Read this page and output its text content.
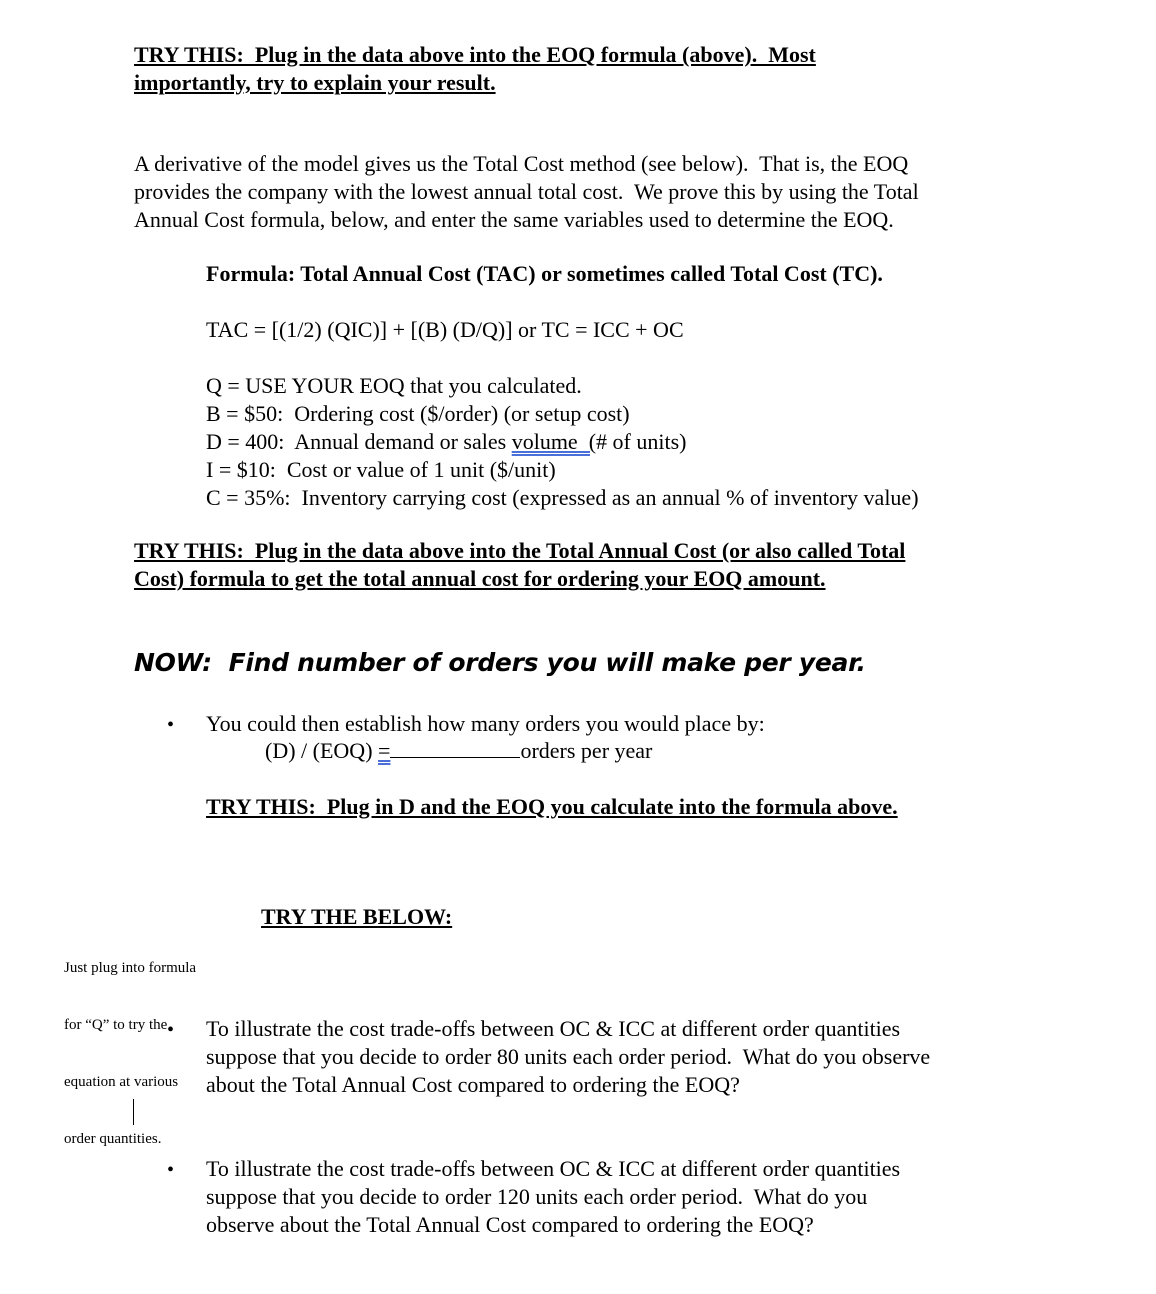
TRY THIS:  Plug in the data above into the EOQ formula (above).  Most

importantly, try to explain your result.

A derivative of the model gives us the Total Cost method (see below).  That is, the EOQ

provides the company with the lowest annual total cost.  We prove this by using the Total

Annual Cost formula, below, and enter the same variables used to determine the EOQ.

Formula: Total Annual Cost (TAC) or sometimes called Total Cost (TC).

TAC = [(1/2) (QIC)] + [(B) (D/Q)] or TC = ICC + OC

Q = USE YOUR EOQ that you calculated.

B = $50:  Ordering cost ($/order) (or setup cost)

D = 400:  Annual demand or sales volume  (# of units)

I = $10:  Cost or value of 1 unit ($/unit)

C = 35%:  Inventory carrying cost (expressed as an annual % of inventory value)

TRY THIS:  Plug in the data above into the Total Annual Cost (or also called Total

Cost) formula to get the total annual cost for ordering your EOQ amount.

NOW:  Find number of orders you will make per year.
• You could then establish how many orders you would place by:

(D) / (EOQ) =	orders per year

TRY THIS:  Plug in D and the EOQ you calculate into the formula above.

TRY THE BELOW:

Just plug into formula

for “Q” to try the

equation at various

order quantities.

• To illustrate the cost trade-offs between OC & ICC at different order quantities

suppose that you decide to order 80 units each order period.  What do you observe

about the Total Annual Cost compared to ordering the EOQ?

• To illustrate the cost trade-offs between OC & ICC at different order quantities

suppose that you decide to order 120 units each order period.  What do you

observe about the Total Annual Cost compared to ordering the EOQ?
